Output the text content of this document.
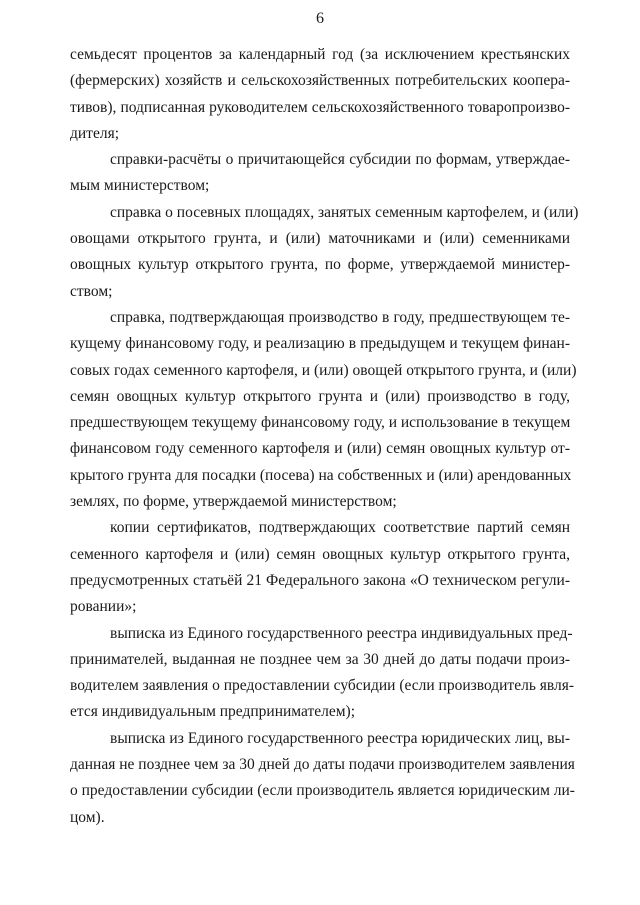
6
семьдесят процентов за календарный год (за исключением крестьянских
(фермерских) хозяйств и сельскохозяйственных потребительских коопера-
тивов), подписанная руководителем сельскохозяйственного товаропроизво-
дителя;
справки-расчёты о причитающейся субсидии по формам, утверждае-
мым министерством;
справка о посевных площадях, занятых семенным картофелем, и (или)
овощами открытого грунта, и (или) маточниками и (или) семенниками
овощных культур открытого грунта, по форме, утверждаемой министер-
ством;
справка, подтверждающая производство в году, предшествующем те-
кущему финансовому году, и реализацию в предыдущем и текущем финан-
совых годах семенного картофеля, и (или) овощей открытого грунта, и (или)
семян овощных культур открытого грунта и (или) производство в году,
предшествующем текущему финансовому году, и использование в текущем
финансовом году семенного картофеля и (или) семян овощных культур от-
крытого грунта для посадки (посева) на собственных и (или) арендованных
землях, по форме, утверждаемой министерством;
копии сертификатов, подтверждающих соответствие партий семян
семенного картофеля и (или) семян овощных культур открытого грунта,
предусмотренных статьёй 21 Федерального закона «О техническом регули-
ровании»;
выписка из Единого государственного реестра индивидуальных пред-
принимателей, выданная не позднее чем за 30 дней до даты подачи произ-
водителем заявления о предоставлении субсидии (если производитель явля-
ется индивидуальным предпринимателем);
выписка из Единого государственного реестра юридических лиц, вы-
данная не позднее чем за 30 дней до даты подачи производителем заявления
о предоставлении субсидии (если производитель является юридическим ли-
цом).
